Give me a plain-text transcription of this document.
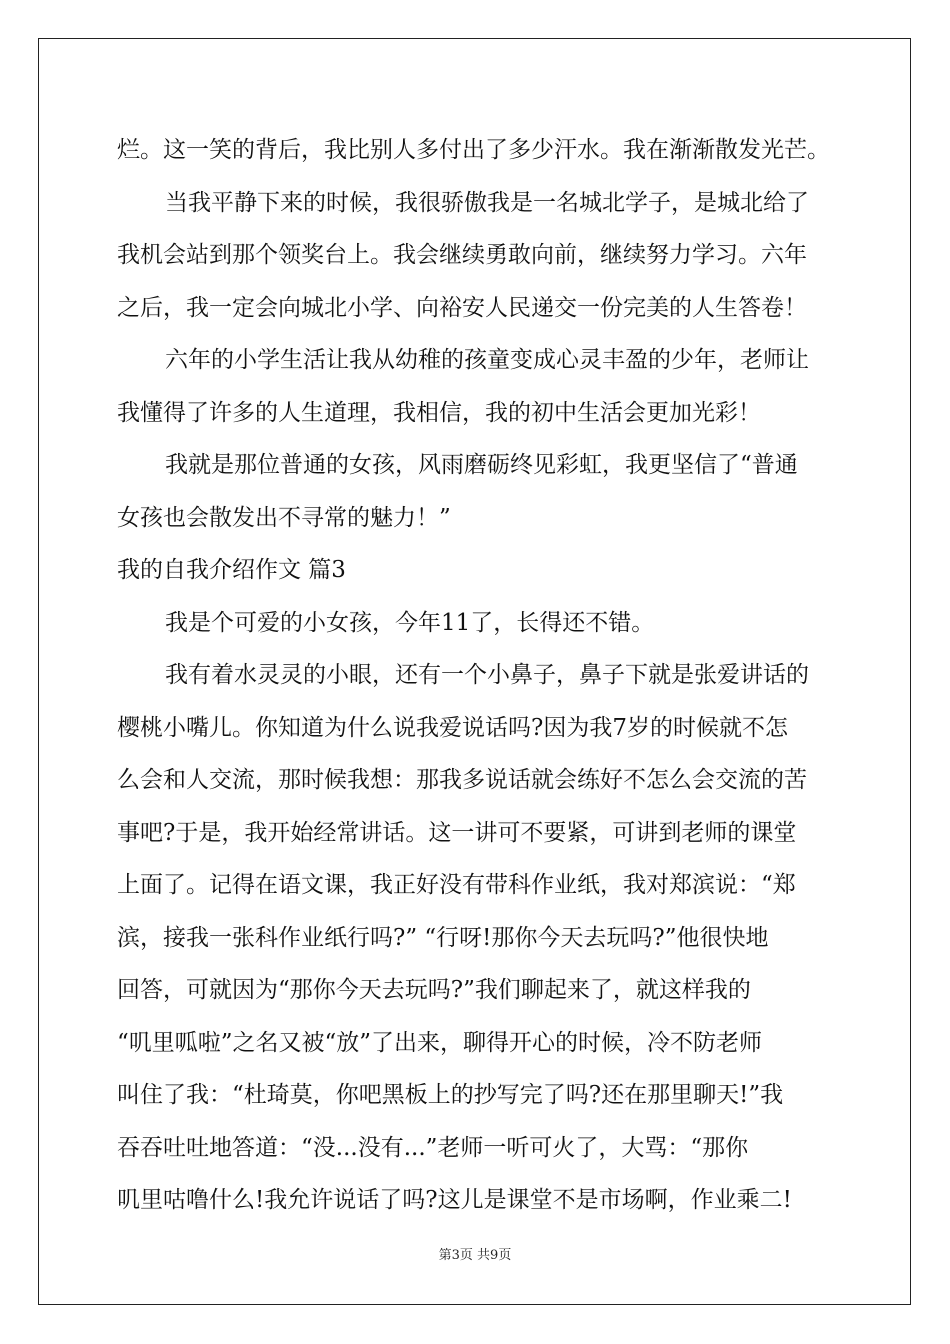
烂。这一笑的背后，我比别人多付出了多少汗水。我在渐渐散发光芒。
当我平静下来的时候，我很骄傲我是一名城北学子，是城北给了
我机会站到那个领奖台上。我会继续勇敢向前，继续努力学习。六年
之后，我一定会向城北小学、向裕安人民递交一份完美的人生答卷！
六年的小学生活让我从幼稚的孩童变成心灵丰盈的少年，老师让
我懂得了许多的人生道理，我相信，我的初中生活会更加光彩！
我就是那位普通的女孩，风雨磨砺终见彩虹，我更坚信了“普通
女孩也会散发出不寻常的魅力！”
我的自我介绍作文 篇3
我是个可爱的小女孩，今年11了，长得还不错。
我有着水灵灵的小眼，还有一个小鼻子，鼻子下就是张爱讲话的
樱桃小嘴儿。你知道为什么说我爱说话吗?因为我7岁的时候就不怎
么会和人交流，那时候我想：那我多说话就会练好不怎么会交流的苦
事吧?于是，我开始经常讲话。这一讲可不要紧，可讲到老师的课堂
上面了。记得在语文课，我正好没有带科作业纸，我对郑滨说：“郑
滨，接我一张科作业纸行吗?” “行呀!那你今天去玩吗?”他很快地
回答，可就因为“那你今天去玩吗?”我们聊起来了，就这样我的
“叽里呱啦”之名又被“放”了出来，聊得开心的时候，冷不防老师
叫住了我：“杜琦莫，你吧黑板上的抄写完了吗?还在那里聊天!”我
吞吞吐吐地答道：“没...没有...”老师一听可火了，大骂：“那你
叽里咕噜什么!我允许说话了吗?这儿是课堂不是市场啊，作业乘二!
第3页 共9页
